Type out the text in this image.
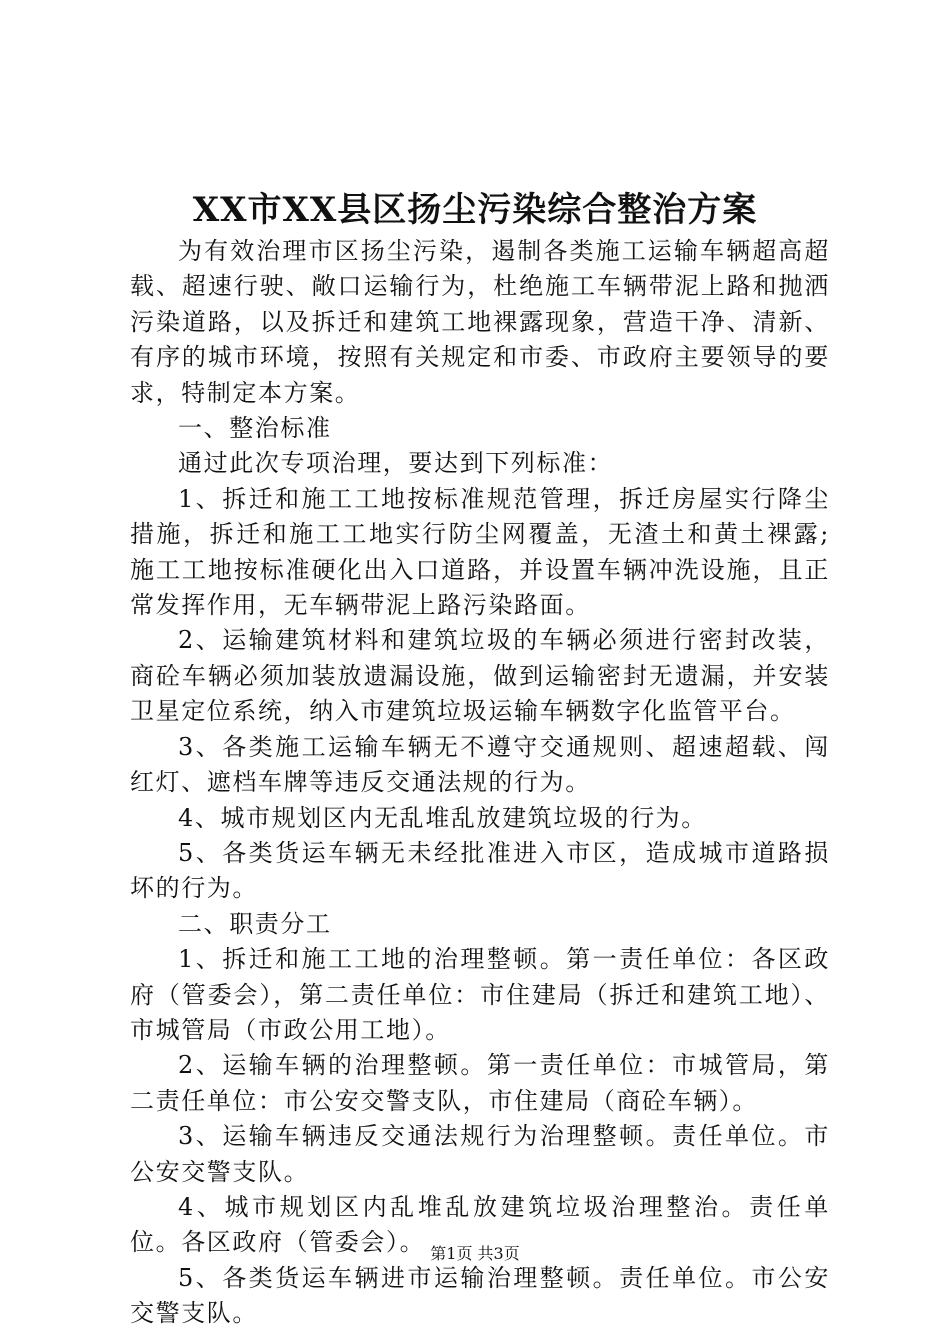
XX市XX县区扬尘污染综合整治方案

为有效治理市区扬尘污染，遏制各类施工运输车辆超高超载、超速行驶、敞口运输行为，杜绝施工车辆带泥上路和抛洒污染道路，以及拆迁和建筑工地裸露现象，营造干净、清新、有序的城市环境，按照有关规定和市委、市政府主要领导的要求，特制定本方案。

一、整治标准

通过此次专项治理，要达到下列标准：

1、拆迁和施工工地按标准规范管理，拆迁房屋实行降尘措施，拆迁和施工工地实行防尘网覆盖，无渣土和黄土裸露;施工工地按标准硬化出入口道路，并设置车辆冲洗设施，且正常发挥作用，无车辆带泥上路污染路面。

2、运输建筑材料和建筑垃圾的车辆必须进行密封改装，商砼车辆必须加装放遗漏设施，做到运输密封无遗漏，并安装卫星定位系统，纳入市建筑垃圾运输车辆数字化监管平台。

3、各类施工运输车辆无不遵守交通规则、超速超载、闯红灯、遮档车牌等违反交通法规的行为。

4、城市规划区内无乱堆乱放建筑垃圾的行为。

5、各类货运车辆无未经批准进入市区，造成城市道路损坏的行为。

二、职责分工

1、拆迁和施工工地的治理整顿。第一责任单位：各区政府（管委会），第二责任单位：市住建局（拆迁和建筑工地）、市城管局（市政公用工地）。

2、运输车辆的治理整顿。第一责任单位：市城管局，第二责任单位：市公安交警支队，市住建局（商砼车辆）。

3、运输车辆违反交通法规行为治理整顿。责任单位。市公安交警支队。

4、城市规划区内乱堆乱放建筑垃圾治理整治。责任单位。各区政府（管委会）。

5、各类货运车辆进市运输治理整顿。责任单位。市公安交警支队。

第1页 共3页
